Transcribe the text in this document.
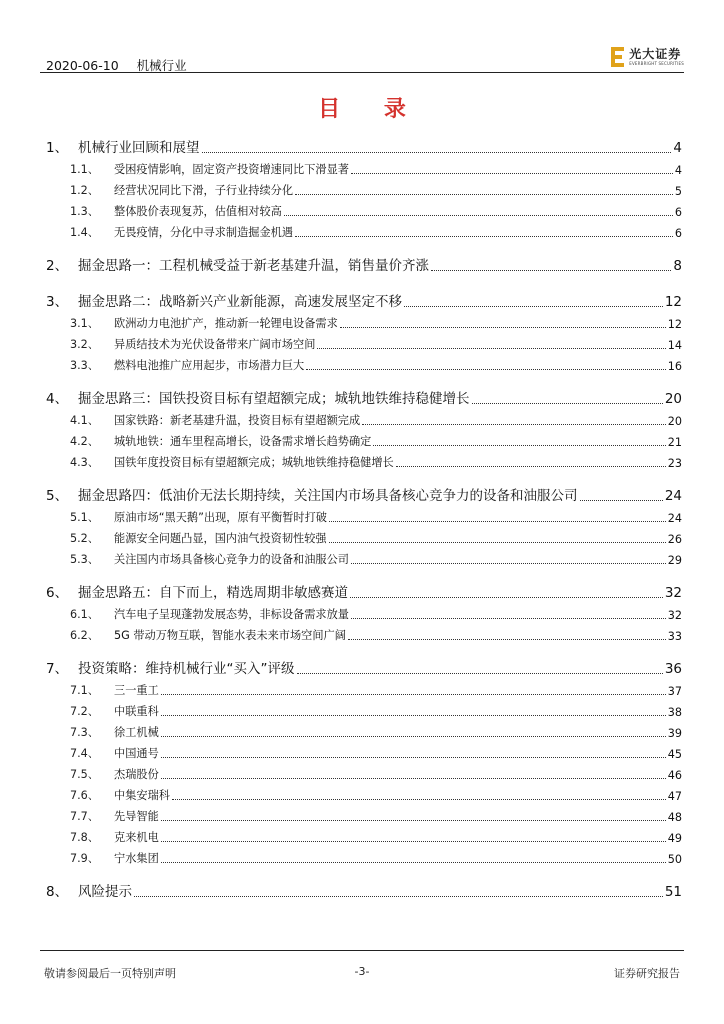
2020-06-10 机械行业
光大证券
EVERBRIGHT SECURITIES
目 录
1、 机械行业回顾和展望	4
1.1、	受困疫情影响，固定资产投资增速同比下滑显著	4
1.2、	经营状况同比下滑，子行业持续分化	5
1.3、	整体股价表现复苏，估值相对较高	6
1.4、	无畏疫情，分化中寻求制造掘金机遇	6
2、 掘金思路一：工程机械受益于新老基建升温，销售量价齐涨	8
3、 掘金思路二：战略新兴产业新能源，高速发展坚定不移	12
3.1、	欧洲动力电池扩产，推动新一轮锂电设备需求	12
3.2、	异质结技术为光伏设备带来广阔市场空间	14
3.3、	燃料电池推广应用起步，市场潜力巨大	16
4、 掘金思路三：国铁投资目标有望超额完成；城轨地铁维持稳健增长	20
4.1、	国家铁路：新老基建升温，投资目标有望超额完成	20
4.2、	城轨地铁：通车里程高增长，设备需求增长趋势确定	21
4.3、	国铁年度投资目标有望超额完成；城轨地铁维持稳健增长	23
5、 掘金思路四：低油价无法长期持续，关注国内市场具备核心竞争力的设备和油服公司	24
5.1、	原油市场“黑天鹅”出现，原有平衡暂时打破	24
5.2、	能源安全问题凸显，国内油气投资韧性较强	26
5.3、	关注国内市场具备核心竞争力的设备和油服公司	29
6、 掘金思路五：自下而上，精选周期非敏感赛道	32
6.1、	汽车电子呈现蓬勃发展态势，非标设备需求放量	32
6.2、	5G 带动万物互联，智能水表未来市场空间广阔	33
7、 投资策略：维持机械行业“买入”评级	36
7.1、	三一重工	37
7.2、	中联重科	38
7.3、	徐工机械	39
7.4、	中国通号	45
7.5、	杰瑞股份	46
7.6、	中集安瑞科	47
7.7、	先导智能	48
7.8、	克来机电	49
7.9、	宁水集团	50
8、 风险提示	51
敬请参阅最后一页特别声明	-3-	证券研究报告
